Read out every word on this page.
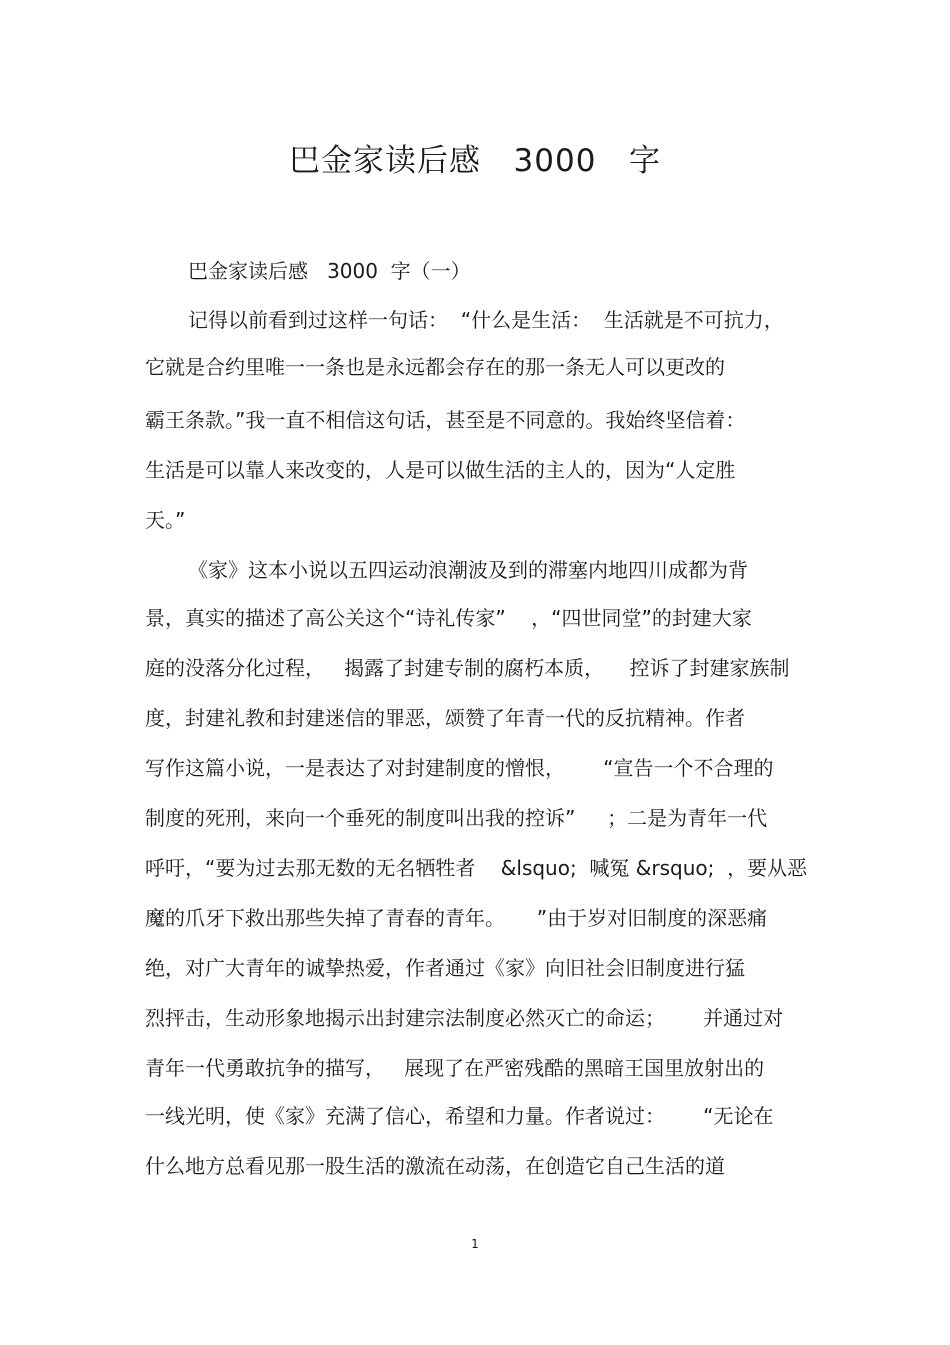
巴金家读后感   3000   字
巴金家读后感   3000  字（一）
记得以前看到过这样一句话：  “什么是生活：  生活就是不可抗力，
它就是合约里唯一一条也是永远都会存在的那一条无人可以更改的
霸王条款。”我一直不相信这句话，甚至是不同意的。我始终坚信着：
生活是可以靠人来改变的，人是可以做生活的主人的，因为“人定胜
天。”
《家》这本小说以五四运动浪潮波及到的滞塞内地四川成都为背
景，真实的描述了高公关这个“诗礼传家”    ，“四世同堂”的封建大家
庭的没落分化过程，   揭露了封建专制的腐朽本质，    控诉了封建家族制
度，封建礼教和封建迷信的罪恶，颂赞了年青一代的反抗精神。作者
写作这篇小说，一是表达了对封建制度的憎恨，      “宣告一个不合理的
制度的死刑，来向一个垂死的制度叫出我的控诉”     ；二是为青年一代
呼吁，“要为过去那无数的无名牺牲者    &lsquo;  喊冤 &rsquo;  ，要从恶
魔的爪牙下救出那些失掉了青春的青年。     ”由于岁对旧制度的深恶痛
绝，对广大青年的诚挚热爱，作者通过《家》向旧社会旧制度进行猛
烈抨击，生动形象地揭示出封建宗法制度必然灭亡的命运；      并通过对
青年一代勇敢抗争的描写，   展现了在严密残酷的黑暗王国里放射出的
一线光明，使《家》充满了信心，希望和力量。作者说过：      “无论在
什么地方总看见那一股生活的激流在动荡，在创造它自己生活的道
1
